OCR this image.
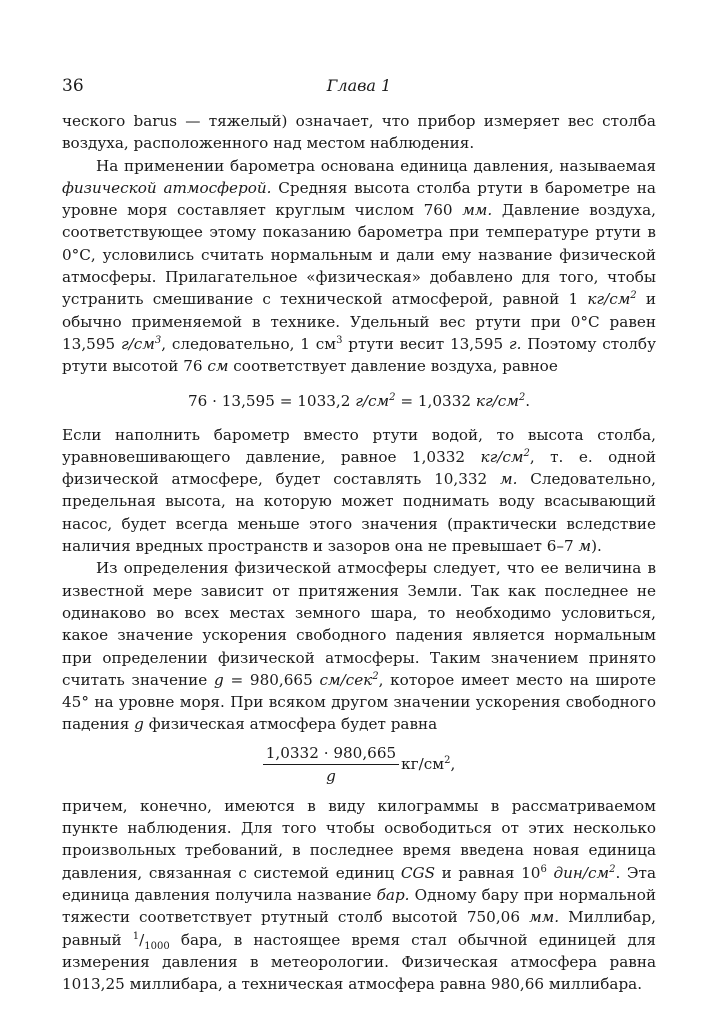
36	Глава 1

ческого barus — тяжелый) означает, что прибор измеряет вес столба воздуха, расположенного над местом наблюдения.

На применении барометра основана единица давления, называемая физической атмосферой. Средняя высота столба ртути в барометре на уровне моря составляет круглым числом 760 мм. Давление воздуха, соответствующее этому показанию барометра при температуре ртути в 0°С, условились считать нормальным и дали ему название физической атмосферы. Прилагательное «физическая» добавлено для того, чтобы устранить смешивание с технической атмосферой, равной 1 $кг/см^2$ и обычно применяемой в технике. Удельный вес ртути при 0°С равен 13,595 $г/см^3$, следовательно, 1 $см^3$ ртути весит 13,595 г. Поэтому столбу ртути высотой 76 см соответствует давление воздуха, равное

76 · 13,595 = 1033,2 $г/см^2 = 1,0332$ $кг/см^2$.

Если наполнить барометр вместо ртути водой, то высота столба, уравновешивающего давление, равное 1,0332 $кг/см^2$, т. е. одной физической атмосфере, будет составлять 10,332 м. Следовательно, предельная высота, на которую может поднимать воду всасывающий насос, будет всегда меньше этого значения (практически вследствие наличия вредных пространств и зазоров она не превышает 6–7 м).

Из определения физической атмосферы следует, что ее величина в известной мере зависит от притяжения Земли. Так как последнее не одинаково во всех местах земного шара, то необходимо условиться, какое значение ускорения свободного падения является нормальным при определении физической атмосферы. Таким значением принято считать значение g = 980,665 см/сек$^2$, которое имеет место на широте 45° на уровне моря. При всяком другом значении ускорения свободного падения g физическая атмосфера будет равна

$\frac{1,0332 \cdot 980,665}{g} кг/см^2$,

причем, конечно, имеются в виду килограммы в рассматриваемом пункте наблюдения. Для того чтобы освободиться от этих несколько произвольных требований, в последнее время введена новая единица давления, связанная с системой единиц CGS и равная $10^6$ дин/$см^2$. Эта единица давления получила название бар. Одному бару при нормальной тяжести соответствует ртутный столб высотой 750,06 мм. Миллибар, равный $^1/_{1000}$ бара, в настоящее время стал обычной единицей для измерения давления в метеорологии. Физическая атмосфера равна 1013,25 миллибара, а техническая атмосфера равна 980,66 миллибара.
